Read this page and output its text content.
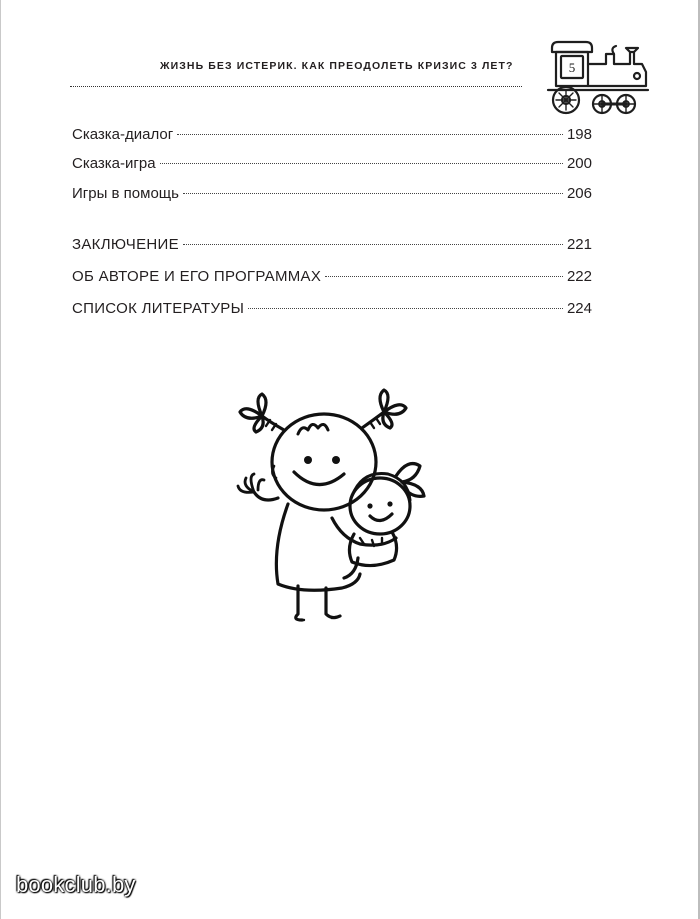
ЖИЗНЬ БЕЗ ИСТЕРИК. КАК ПРЕОДОЛЕТЬ КРИЗИС 3 ЛЕТ?	5
Сказка-диалог	198
Сказка-игра	200
Игры в помощь	206
ЗАКЛЮЧЕНИЕ	221
ОБ АВТОРЕ И ЕГО ПРОГРАММАХ	222
СПИСОК ЛИТЕРАТУРЫ	224
bookclub.by
